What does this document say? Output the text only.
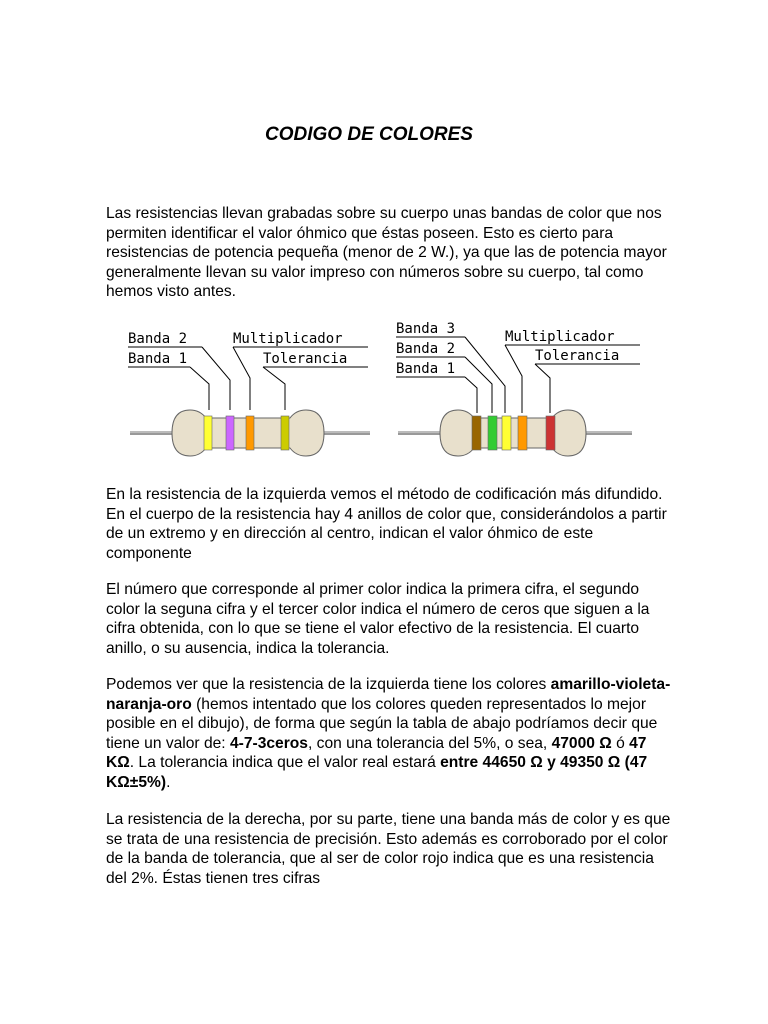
CODIGO DE COLORES

Las resistencias llevan grabadas sobre su cuerpo unas bandas de color que nos permiten identificar el valor óhmico que éstas poseen. Esto es cierto para resistencias de potencia pequeña (menor de 2 W.), ya que las de potencia mayor generalmente llevan su valor impreso con números sobre su cuerpo, tal como hemos visto antes.

Banda 2
Banda 1
Multiplicador
Tolerancia
Banda 3
Banda 2
Banda 1
Multiplicador
Tolerancia

En la resistencia de la izquierda vemos el método de codificación más difundido. En el cuerpo de la resistencia hay 4 anillos de color que, considerándolos a partir de un extremo y en dirección al centro, indican el valor óhmico de este componente

El número que corresponde al primer color indica la primera cifra, el segundo color la seguna cifra y el tercer color indica el número de ceros que siguen a la cifra obtenida, con lo que se tiene el valor efectivo de la resistencia. El cuarto anillo, o su ausencia, indica la tolerancia.

Podemos ver que la resistencia de la izquierda tiene los colores amarillo-violeta-naranja-oro (hemos intentado que los colores queden representados lo mejor posible en el dibujo), de forma que según la tabla de abajo podríamos decir que tiene un valor de: 4-7-3ceros, con una tolerancia del 5%, o sea, 47000 Ω ó 47 KΩ. La tolerancia indica que el valor real estará entre 44650 Ω y 49350 Ω (47 KΩ±5%).

La resistencia de la derecha, por su parte, tiene una banda más de color y es que se trata de una resistencia de precisión. Esto además es corroborado por el color de la banda de tolerancia, que al ser de color rojo indica que es una resistencia del 2%. Éstas tienen tres cifras
